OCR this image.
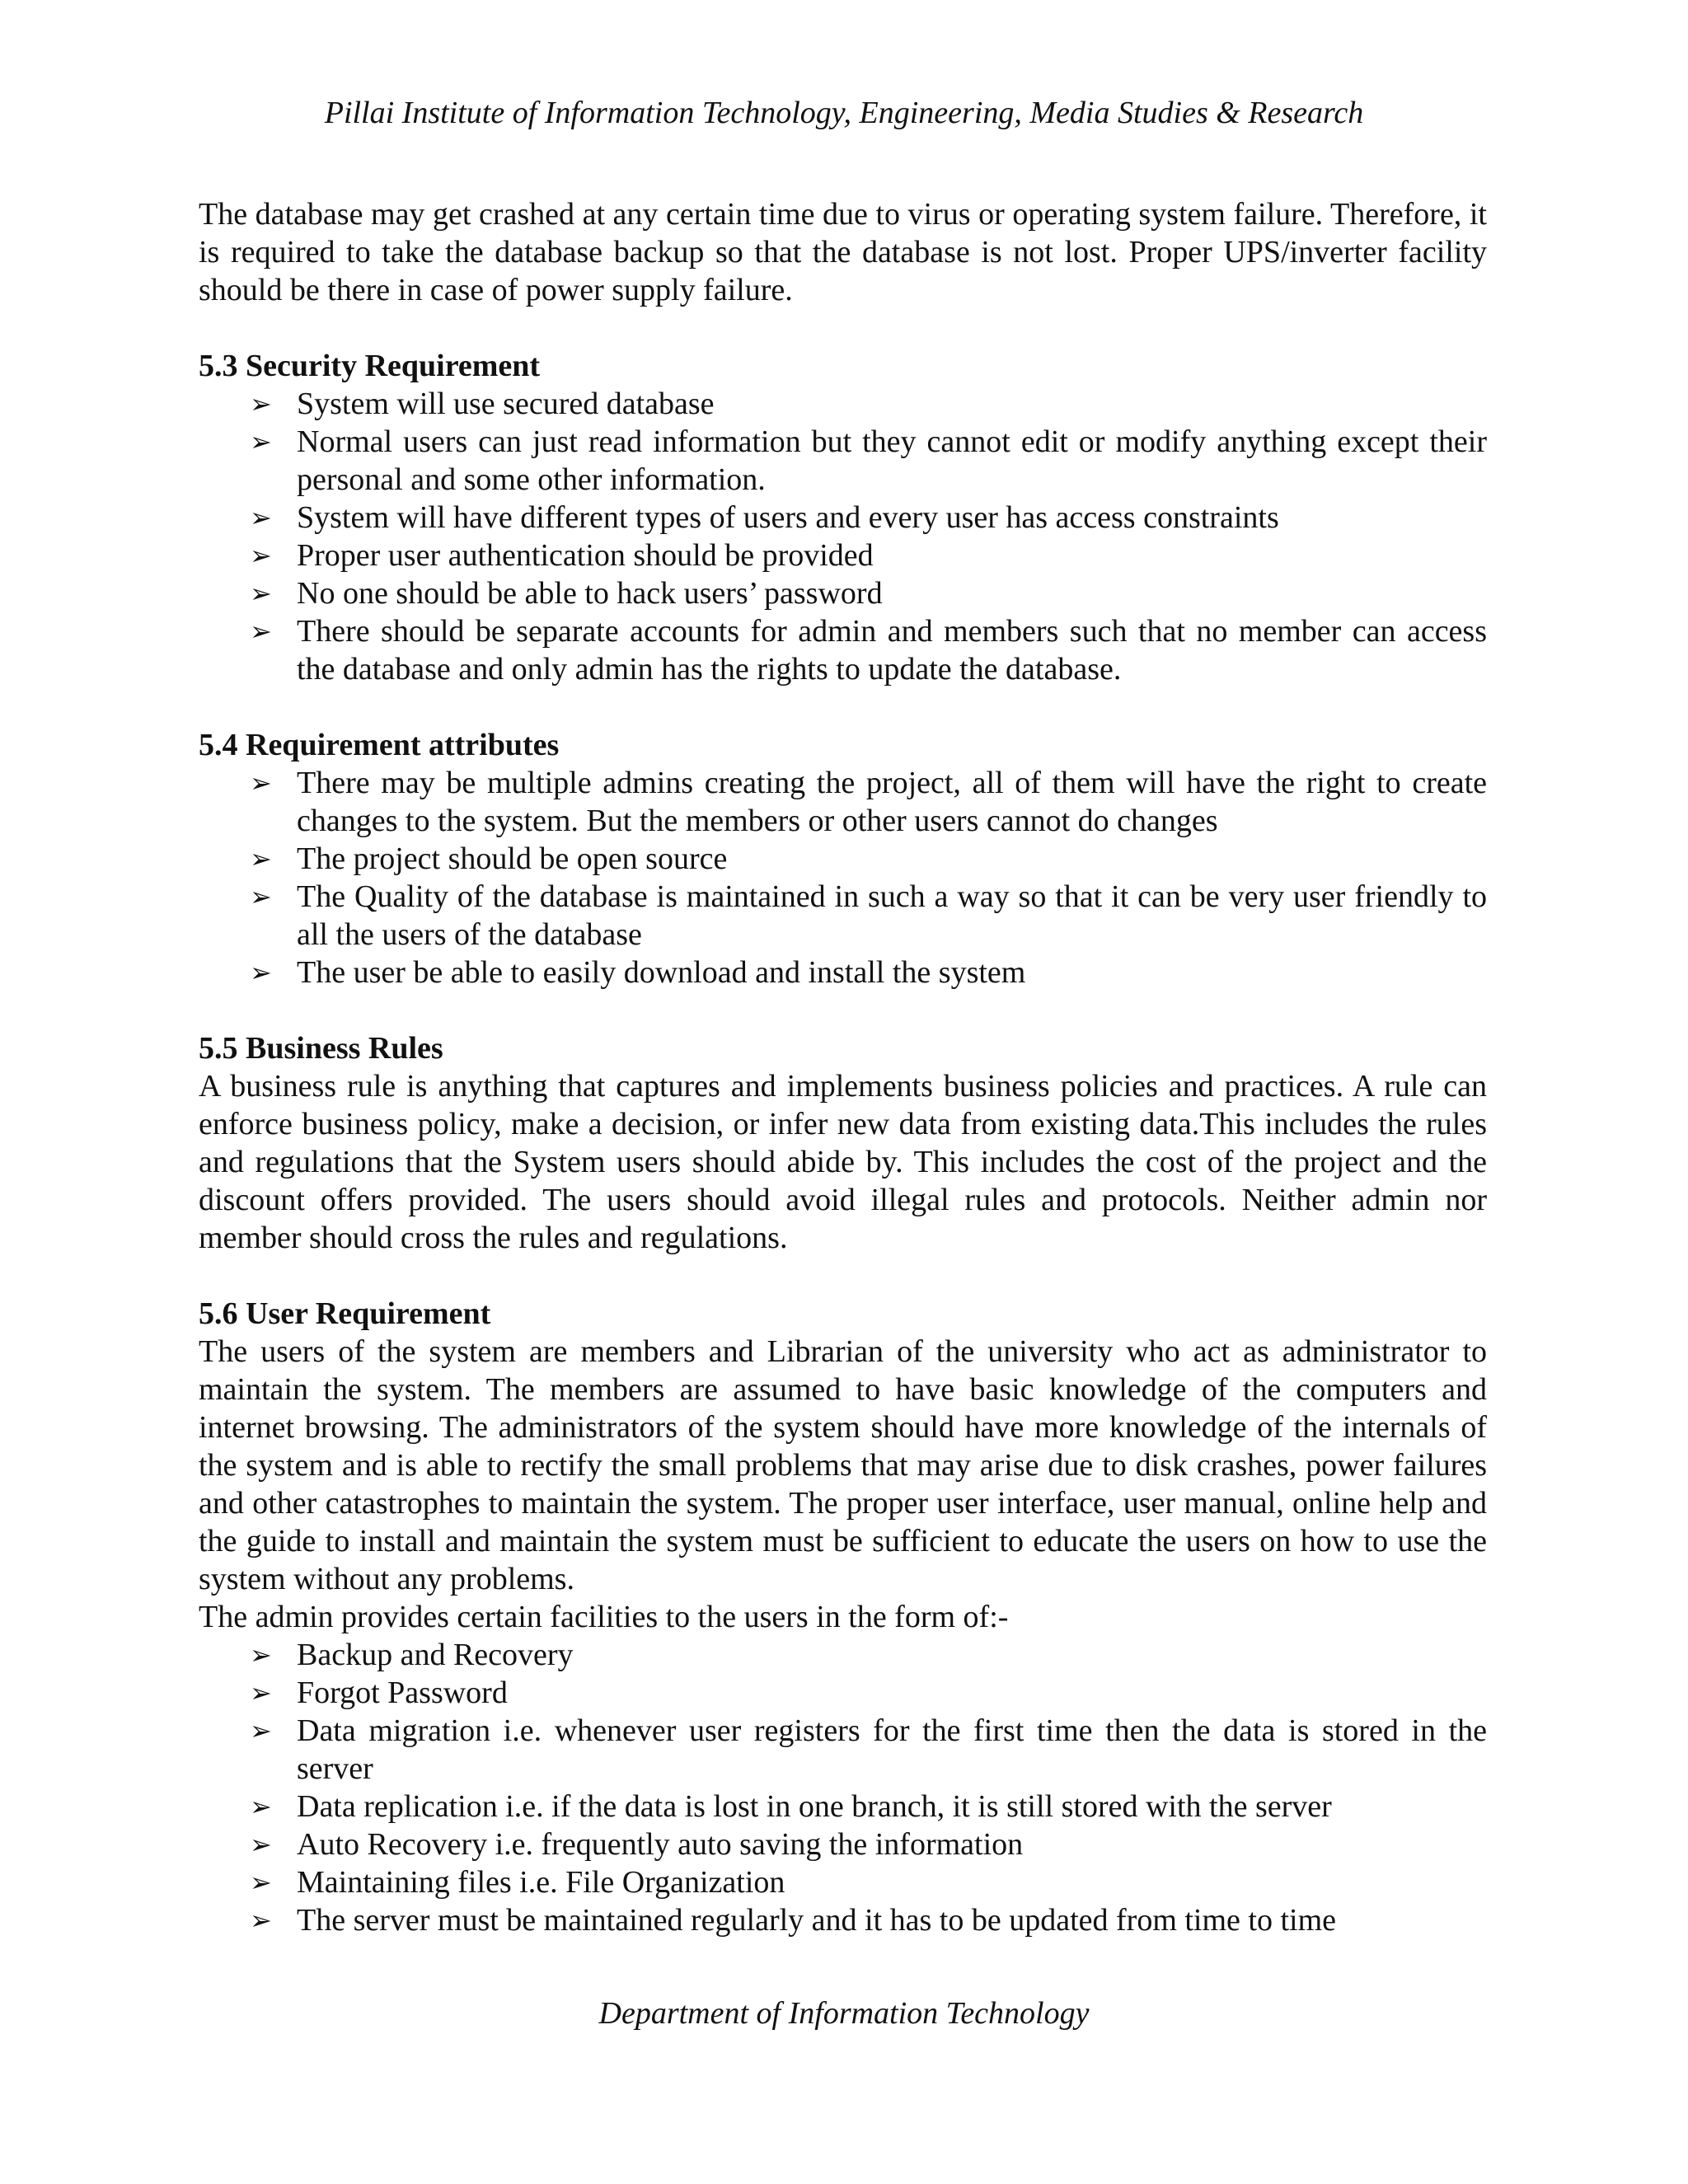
Pillai Institute of Information Technology, Engineering, Media Studies & Research

The database may get crashed at any certain time due to virus or operating system failure. Therefore, it is required to take the database backup so that the database is not lost. Proper UPS/inverter facility should be there in case of power supply failure.

5.3 Security Requirement

➢ System will use secured database
➢ Normal users can just read information but they cannot edit or modify anything except their personal and some other information.
➢ System will have different types of users and every user has access constraints
➢ Proper user authentication should be provided
➢ No one should be able to hack users’ password
➢ There should be separate accounts for admin and members such that no member can access the database and only admin has the rights to update the database.

5.4 Requirement attributes

➢ There may be multiple admins creating the project, all of them will have the right to create changes to the system. But the members or other users cannot do changes
➢ The project should be open source
➢ The Quality of the database is maintained in such a way so that it can be very user friendly to all the users of the database
➢ The user be able to easily download and install the system

5.5 Business Rules

A business rule is anything that captures and implements business policies and practices. A rule can enforce business policy, make a decision, or infer new data from existing data.This includes the rules and regulations that the System users should abide by. This includes the cost of the project and the discount offers provided. The users should avoid illegal rules and protocols. Neither admin nor member should cross the rules and regulations.

5.6 User Requirement

The users of the system are members and Librarian of the university who act as administrator to maintain the system. The members are assumed to have basic knowledge of the computers and internet browsing. The administrators of the system should have more knowledge of the internals of the system and is able to rectify the small problems that may arise due to disk crashes, power failures and other catastrophes to maintain the system. The proper user interface, user manual, online help and the guide to install and maintain the system must be sufficient to educate the users on how to use the system without any problems.

The admin provides certain facilities to the users in the form of:-

➢ Backup and Recovery
➢ Forgot Password
➢ Data migration i.e. whenever user registers for the first time then the data is stored in the server
➢ Data replication i.e. if the data is lost in one branch, it is still stored with the server
➢ Auto Recovery i.e. frequently auto saving the information
➢ Maintaining files i.e. File Organization
➢ The server must be maintained regularly and it has to be updated from time to time
Department of Information Technology
